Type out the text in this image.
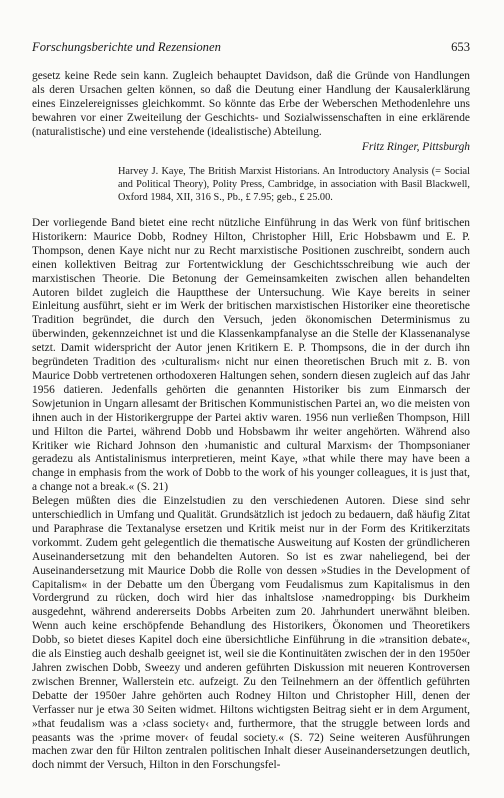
Forschungsberichte und Rezensionen	653

gesetz keine Rede sein kann. Zugleich behauptet Davidson, daß die Gründe von Handlungen als deren Ursachen gelten können, so daß die Deutung einer Handlung der Kausalerklärung eines Einzelereignisses gleichkommt. So könnte das Erbe der Weberschen Methodenlehre uns bewahren vor einer Zweiteilung der Geschichts- und Sozialwissenschaften in eine erklärende (naturalistische) und eine verstehende (idealistische) Abteilung.

Fritz Ringer, Pittsburgh

Harvey J. Kaye, The British Marxist Historians. An Introductory Analysis (= Social and Political Theory), Polity Press, Cambridge, in association with Basil Blackwell, Oxford 1984, XII, 316 S., Pb., £ 7.95; geb., £ 25.00.

Der vorliegende Band bietet eine recht nützliche Einführung in das Werk von fünf britischen Historikern: Maurice Dobb, Rodney Hilton, Christopher Hill, Eric Hobsbawm und E. P. Thompson, denen Kaye nicht nur zu Recht marxistische Positionen zuschreibt, sondern auch einen kollektiven Beitrag zur Fortentwicklung der Geschichtsschreibung wie auch der marxistischen Theorie. Die Betonung der Gemeinsamkeiten zwischen allen behandelten Autoren bildet zugleich die Hauptthese der Untersuchung. Wie Kaye bereits in seiner Einleitung ausführt, sieht er im Werk der britischen marxistischen Historiker eine theoretische Tradition begründet, die durch den Versuch, jeden ökonomischen Determinismus zu überwinden, gekennzeichnet ist und die Klassenkampfanalyse an die Stelle der Klassenanalyse setzt. Damit widerspricht der Autor jenen Kritikern E. P. Thompsons, die in der durch ihn begründeten Tradition des ›culturalism‹ nicht nur einen theoretischen Bruch mit z. B. von Maurice Dobb vertretenen orthodoxeren Haltungen sehen, sondern diesen zugleich auf das Jahr 1956 datieren. Jedenfalls gehörten die genannten Historiker bis zum Einmarsch der Sowjetunion in Ungarn allesamt der Britischen Kommunistischen Partei an, wo die meisten von ihnen auch in der Historikergruppe der Partei aktiv waren. 1956 nun verließen Thompson, Hill und Hilton die Partei, während Dobb und Hobsbawm ihr weiter angehörten. Während also Kritiker wie Richard Johnson den ›humanistic and cultural Marxism‹ der Thompsonianer geradezu als Antistalinismus interpretieren, meint Kaye, »that while there may have been a change in emphasis from the work of Dobb to the work of his younger colleagues, it is just that, a change not a break.« (S. 21)

Belegen müßten dies die Einzelstudien zu den verschiedenen Autoren. Diese sind sehr unterschiedlich in Umfang und Qualität. Grundsätzlich ist jedoch zu bedauern, daß häufig Zitat und Paraphrase die Textanalyse ersetzen und Kritik meist nur in der Form des Kritikerzitats vorkommt. Zudem geht gelegentlich die thematische Ausweitung auf Kosten der gründlicheren Auseinandersetzung mit den behandelten Autoren. So ist es zwar naheliegend, bei der Auseinandersetzung mit Maurice Dobb die Rolle von dessen »Studies in the Development of Capitalism« in der Debatte um den Übergang vom Feudalismus zum Kapitalismus in den Vordergrund zu rücken, doch wird hier das inhaltslose ›namedropping‹ bis Durkheim ausgedehnt, während andererseits Dobbs Arbeiten zum 20. Jahrhundert unerwähnt bleiben. Wenn auch keine erschöpfende Behandlung des Historikers, Ökonomen und Theoretikers Dobb, so bietet dieses Kapitel doch eine übersichtliche Einführung in die »transition debate«, die als Einstieg auch deshalb geeignet ist, weil sie die Kontinuitäten zwischen der in den 1950er Jahren zwischen Dobb, Sweezy und anderen geführten Diskussion mit neueren Kontroversen zwischen Brenner, Wallerstein etc. aufzeigt. Zu den Teilnehmern an der öffentlich geführten Debatte der 1950er Jahre gehörten auch Rodney Hilton und Christopher Hill, denen der Verfasser nur je etwa 30 Seiten widmet. Hiltons wichtigsten Beitrag sieht er in dem Argument, »that feudalism was a ›class society‹ and, furthermore, that the struggle between lords and peasants was the ›prime mover‹ of feudal society.« (S. 72) Seine weiteren Ausführungen machen zwar den für Hilton zentralen politischen Inhalt dieser Auseinandersetzungen deutlich, doch nimmt der Versuch, Hilton in den Forschungsfel-
